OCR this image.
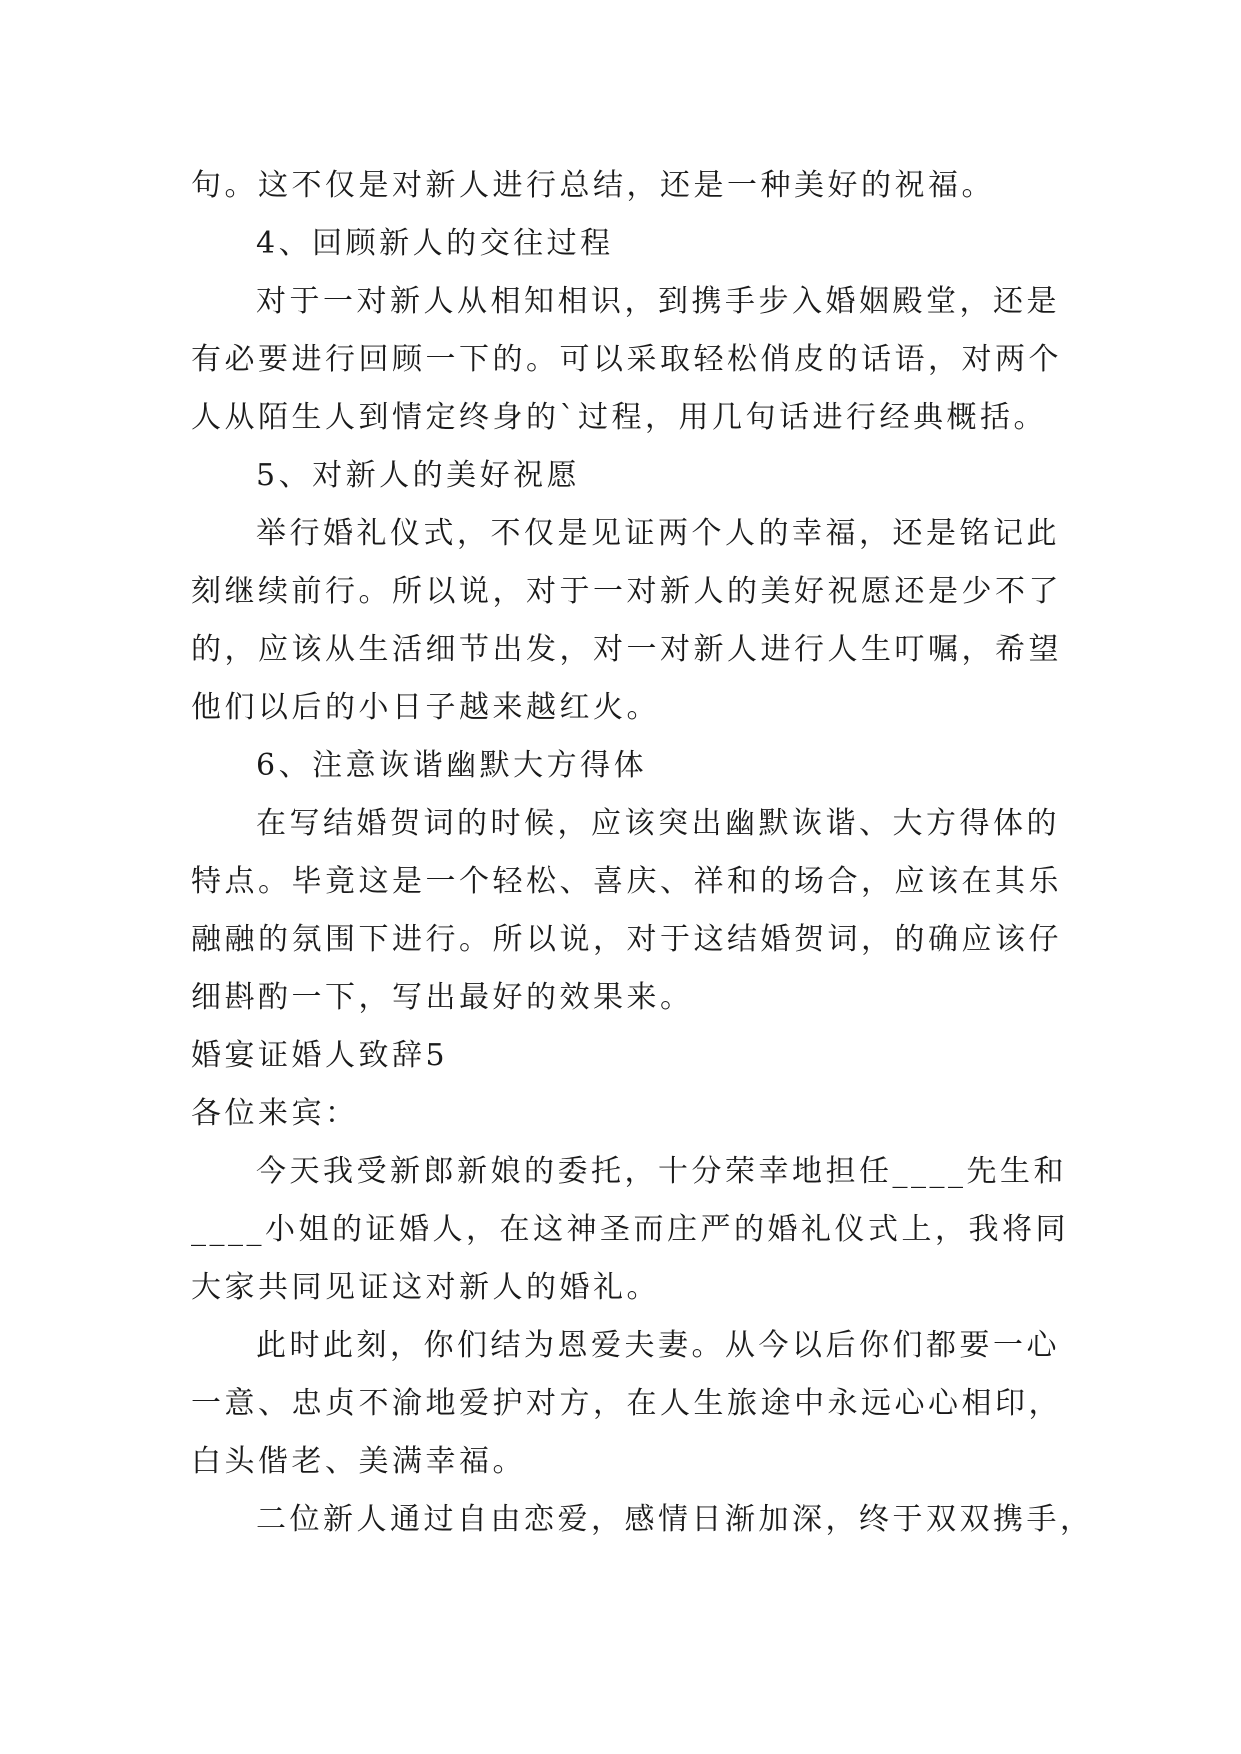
句。这不仅是对新人进行总结，还是一种美好的祝福。

4、回顾新人的交往过程

对于一对新人从相知相识，到携手步入婚姻殿堂，还是

有必要进行回顾一下的。可以采取轻松俏皮的话语，对两个

人从陌生人到情定终身的`过程，用几句话进行经典概括。

5、对新人的美好祝愿

举行婚礼仪式，不仅是见证两个人的幸福，还是铭记此

刻继续前行。所以说，对于一对新人的美好祝愿还是少不了

的，应该从生活细节出发，对一对新人进行人生叮嘱，希望

他们以后的小日子越来越红火。

6、注意诙谐幽默大方得体

在写结婚贺词的时候，应该突出幽默诙谐、大方得体的

特点。毕竟这是一个轻松、喜庆、祥和的场合，应该在其乐

融融的氛围下进行。所以说，对于这结婚贺词，的确应该仔

细斟酌一下，写出最好的效果来。

婚宴证婚人致辞5

各位来宾：

今天我受新郎新娘的委托，十分荣幸地担任____先生和

____小姐的证婚人，在这神圣而庄严的婚礼仪式上，我将同

大家共同见证这对新人的婚礼。

此时此刻，你们结为恩爱夫妻。从今以后你们都要一心

一意、忠贞不渝地爱护对方，在人生旅途中永远心心相印，

白头偕老、美满幸福。

二位新人通过自由恋爱，感情日渐加深，终于双双携手，
